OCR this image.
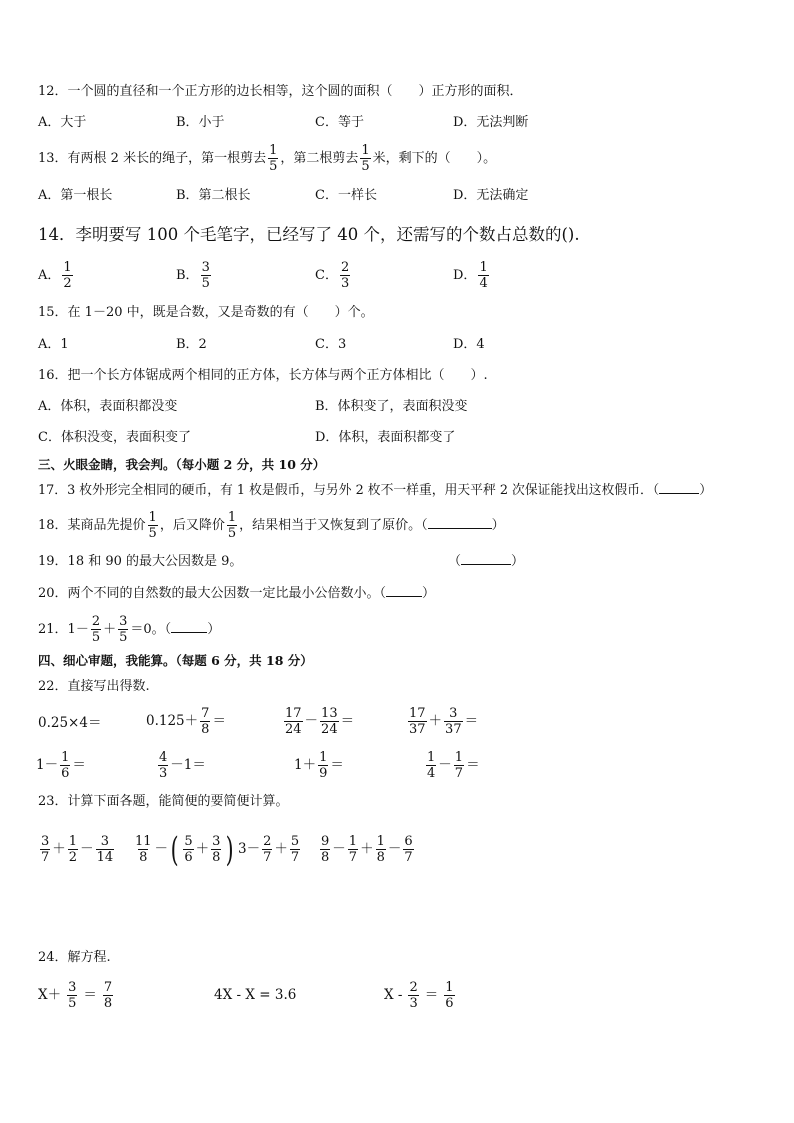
12．一个圆的直径和一个正方形的边长相等，这个圆的面积（　　）正方形的面积．
A．大于	B．小于	C．等于	D．无法判断
13．有两根 2 米长的绳子，第一根剪去 $\frac{1}{5}$ ，第二根剪去 $\frac{1}{5}$ 米，剩下的（　　）。
A．第一根长	B．第二根长	C．一样长	D．无法确定
14．李明要写 100 个毛笔字，已经写了 40 个，还需写的个数占总数的().
A． $\frac{1}{2}$	B． $\frac{3}{5}$	C． $\frac{2}{3}$	D． $\frac{1}{4}$
15．在 1－20 中，既是合数，又是奇数的有（　　）个。
A．1	B．2	C．3	D．4
16．把一个长方体锯成两个相同的正方体，长方体与两个正方体相比（　　）.
A．体积，表面积都没变	B．体积变了，表面积没变
C．体积没变，表面积变了	D．体积，表面积都变了
三、火眼金睛，我会判。（每小题 2 分，共 10 分）
17．3 枚外形完全相同的硬币，有 1 枚是假币，与另外 2 枚不一样重，用天平秤 2 次保证能找出这枚假币．（	）
18．某商品先提价 $\frac{1}{5}$ ，后又降价 $\frac{1}{5}$ ，结果相当于又恢复到了原价。（	）
19．18 和 90 的最大公因数是 9。	（	）
20．两个不同的自然数的最大公因数一定比最小公倍数小。（	）
21．$1- \frac{2}{5} + \frac{3}{5} =0$。（	）
四、细心审题，我能算。（每题 6 分，共 18 分）
22．直接写出得数.
0.25×4＝	$0.125+ \frac{7}{8}$ ＝	$\frac{17}{24} - \frac{13}{24}$ ＝	$\frac{17}{37} + \frac{3}{37}$ ＝
$1- \frac{1}{6}$ ＝	$\frac{4}{3} -1=$	$1+ \frac{1}{9}$ ＝	$\frac{1}{4} - \frac{1}{7}$ ＝
23．计算下面各题，能简便的要简便计算。
$\frac{3}{7} + \frac{1}{2} - \frac{3}{14} \frac{11}{8}$ －( $\frac{5}{6} + \frac{3}{8}$ ) $3- \frac{2}{7} + \frac{5}{7} \frac{9}{8} - \frac{1}{7} + \frac{1}{8} - \frac{6}{7}$
24．解方程.
$X+ \frac{3}{5} = \frac{7}{8}$	4X - X = 3.6	$X - \frac{2}{3} = \frac{1}{6}$
